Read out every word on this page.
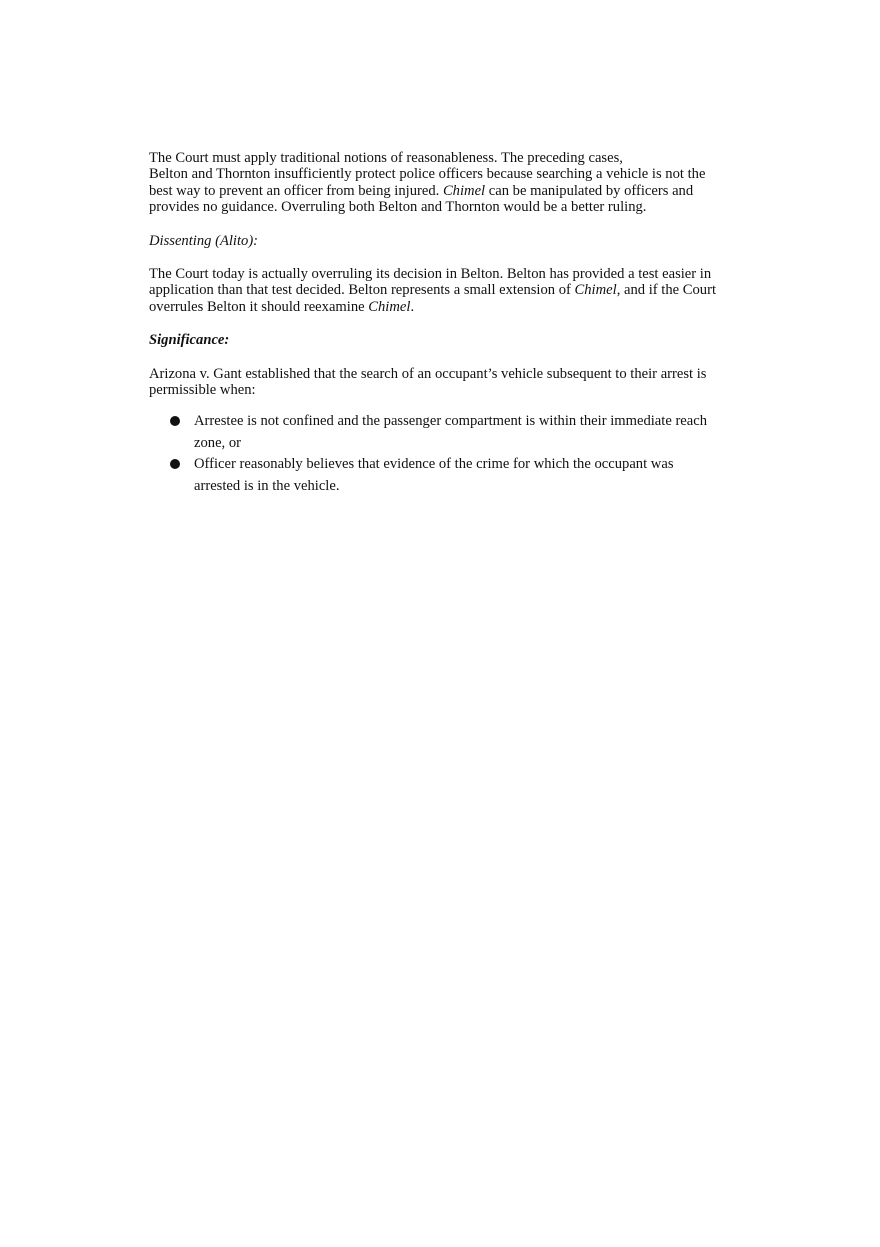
The Court must apply traditional notions of reasonableness. The preceding cases,
Belton and Thornton insufficiently protect police officers because searching a vehicle is not the
best way to prevent an officer from being injured. Chimel can be manipulated by officers and
provides no guidance. Overruling both Belton and Thornton would be a better ruling.

Dissenting (Alito):

The Court today is actually overruling its decision in Belton. Belton has provided a test easier in
application than that test decided. Belton represents a small extension of Chimel, and if the Court
overrules Belton it should reexamine Chimel.

Significance:

Arizona v. Gant established that the search of an occupant’s vehicle subsequent to their arrest is
permissible when:

Arrestee is not confined and the passenger compartment is within their immediate reach
zone, or
Officer reasonably believes that evidence of the crime for which the occupant was
arrested is in the vehicle.
